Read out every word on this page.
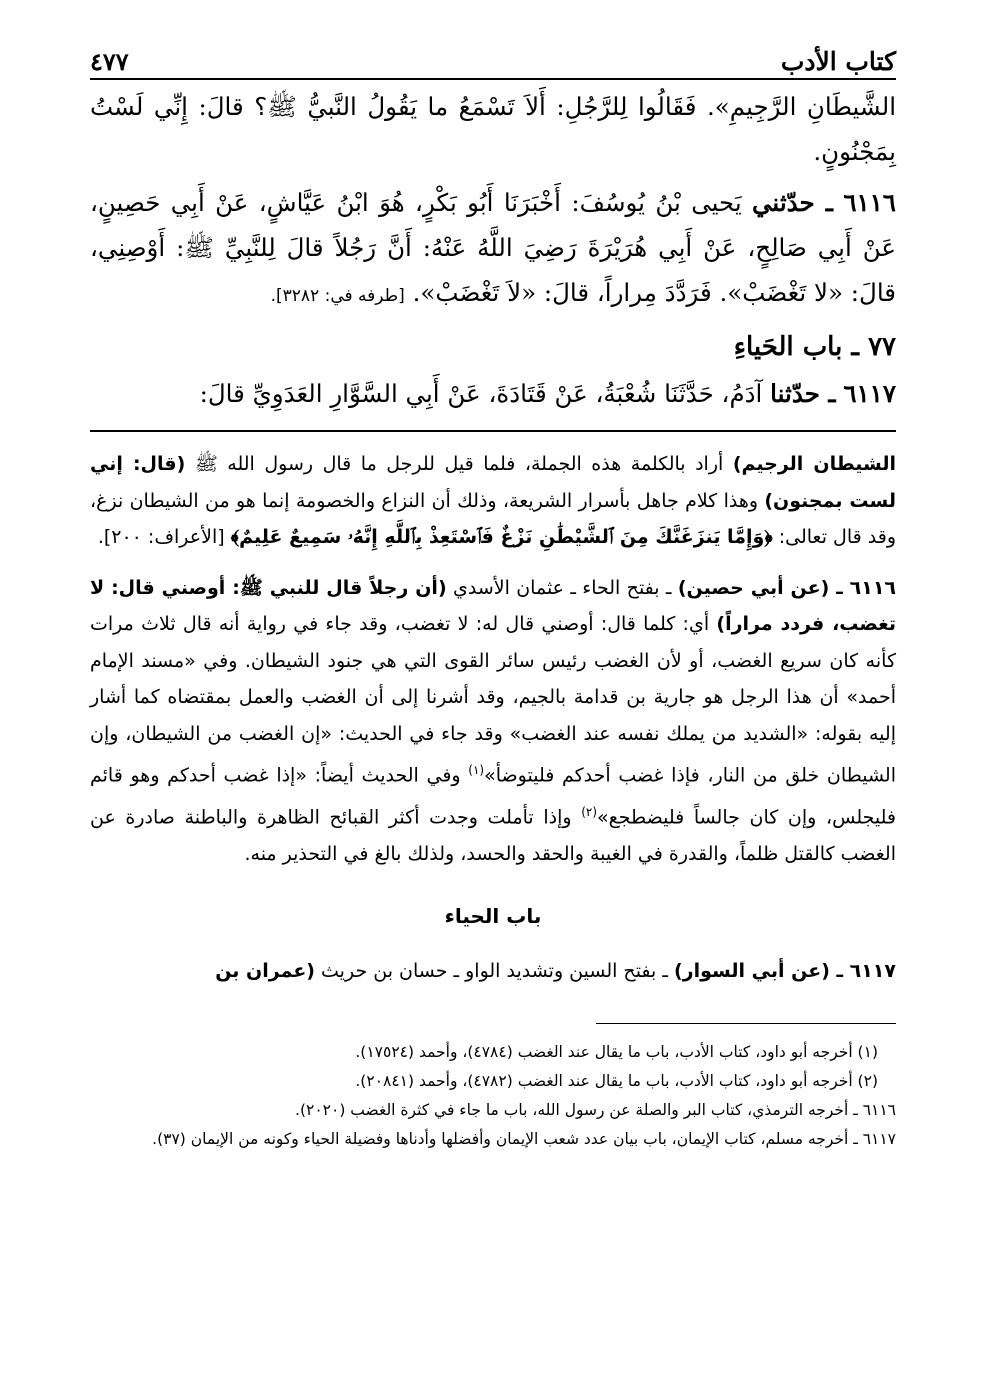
كتاب الأدب
٤٧٧

الشَّيطَانِ الرَّجِيمِ». فَقَالُوا لِلرَّجُلِ: أَلاَ تَسْمَعُ ما يَقُولُ النَّبيُّ ﷺ؟ قالَ: إِنِّي لَسْتُ بِمَجْنُونٍ.

٦١١٦ ـ حدّثني يَحيى بْنُ يُوسُفَ: أَخْبَرَنَا أَبُو بَكْرٍ، هُوَ ابْنُ عَيَّاشٍ، عَنْ أَبِي حَصِينٍ، عَنْ أَبِي صَالِحٍ، عَنْ أَبِي هُرَيْرَةَ رَضِيَ اللَّهُ عَنْهُ: أَنَّ رَجُلاً قالَ لِلنَّبِيِّ ﷺ: أَوْصِنِي، قالَ: «لا تَغْضَبْ». فَرَدَّدَ مِراراً، قالَ: «لاَ تَغْضَبْ». [طرفه في: ٣٢٨٢].

٧٧ ـ باب الحَياءِ

٦١١٧ ـ حدّثنا آدَمُ، حَدَّثَنَا شُعْبَةُ، عَنْ قَتَادَةَ، عَنْ أَبِي السَّوَّارِ العَدَوِيِّ قالَ:

الشيطان الرجيم) أراد بالكلمة هذه الجملة، فلما قيل للرجل ما قال رسول الله ﷺ (قال: إني لست بمجنون) وهذا كلام جاهل بأسرار الشريعة، وذلك أن النزاع والخصومة إنما هو من الشيطان نزغ، وقد قال تعالى: ﴿وَإِمَّا يَنزَغَنَّكَ مِنَ ٱلشَّيْطَٰنِ نَزْغٌ فَٱسْتَعِذْ بِٱللَّهِ إِنَّهُۥ سَمِيعٌ عَلِيمٌ﴾ [الأعراف: ٢٠٠].

٦١١٦ ـ (عن أبي حصين) ـ بفتح الحاء ـ عثمان الأسدي (أن رجلاً قال للنبي ﷺ: أوصني قال: لا تغضب، فردد مراراً) أي: كلما قال: أوصني قال له: لا تغضب، وقد جاء في رواية أنه قال ثلاث مرات كأنه كان سريع الغضب، أو لأن الغضب رئيس سائر القوى التي هي جنود الشيطان. وفي «مسند الإمام أحمد» أن هذا الرجل هو جارية بن قدامة بالجيم، وقد أشرنا إلى أن الغضب والعمل بمقتضاه كما أشار إليه بقوله: «الشديد من يملك نفسه عند الغضب» وقد جاء في الحديث: «إن الغضب من الشيطان، وإن الشيطان خلق من النار، فإذا غضب أحدكم فليتوضأ»$^{(١)}$ وفي الحديث أيضاً: «إذا غضب أحدكم وهو قائم فليجلس، وإن كان جالساً فليضطجع»$^{(٢)}$ وإذا تأملت وجدت أكثر القبائح الظاهرة والباطنة صادرة عن الغضب كالقتل ظلماً، والقدرة في الغيبة والحقد والحسد، ولذلك بالغ في التحذير منه.

باب الحياء

٦١١٧ ـ (عن أبي السوار) ـ بفتح السين وتشديد الواو ـ حسان بن حريث (عمران بن

(١) أخرجه أبو داود، كتاب الأدب، باب ما يقال عند الغضب (٤٧٨٤)، وأحمد (١٧٥٢٤).
(٢) أخرجه أبو داود، كتاب الأدب، باب ما يقال عند الغضب (٤٧٨٢)، وأحمد (٢٠٨٤١).
٦١١٦ ـ أخرجه الترمذي، كتاب البر والصلة عن رسول الله، باب ما جاء في كثرة الغضب (٢٠٢٠).
٦١١٧ ـ أخرجه مسلم، كتاب الإيمان، باب بيان عدد شعب الإيمان وأفضلها وأدناها وفضيلة الحياء وكونه من الإيمان (٣٧).
